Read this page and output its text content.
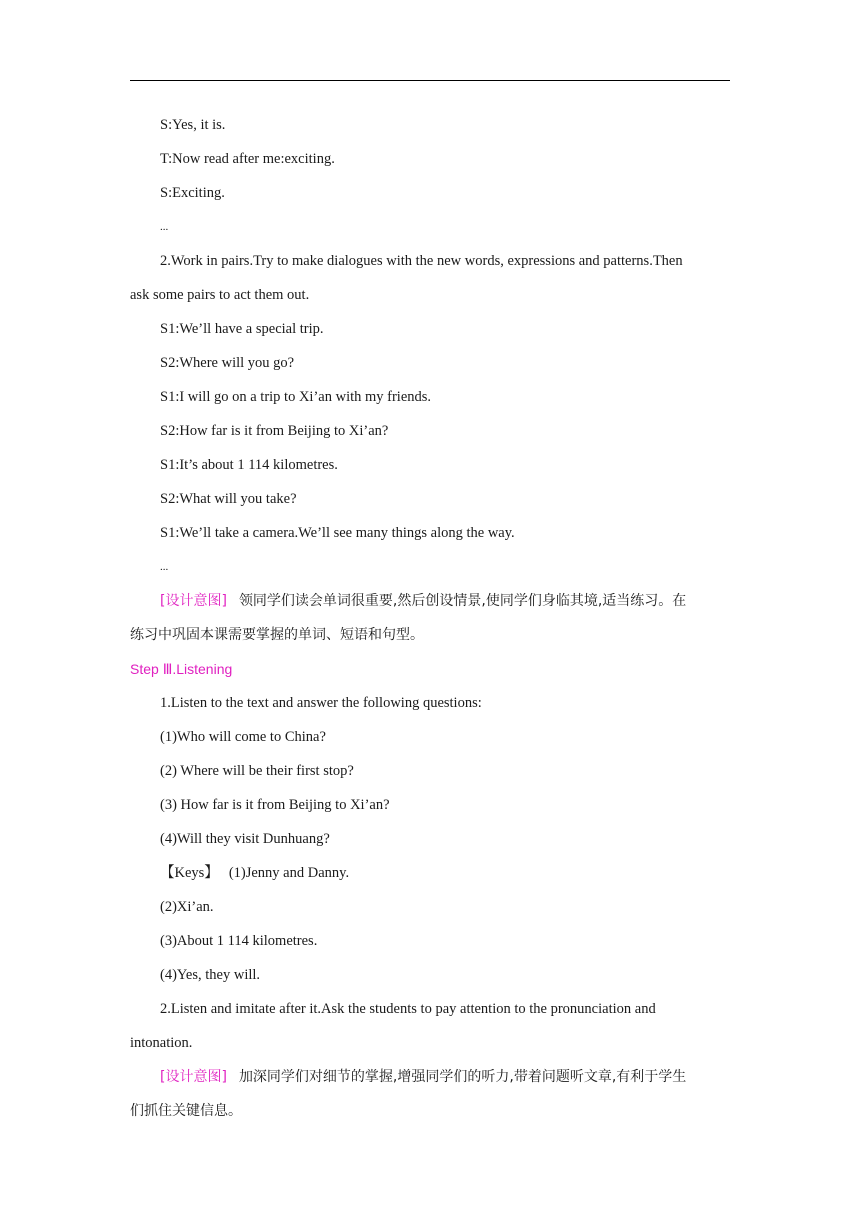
S:Yes, it is.
T:Now read after me:exciting.
S:Exciting.
...
2.Work in pairs.Try to make dialogues with the new words, expressions and patterns.Then
ask some pairs to act them out.
S1:We’ll have a special trip.
S2:Where will you go?
S1:I will go on a trip to Xi’an with my friends.
S2:How far is it from Beijing to Xi’an?
S1:It’s about 1 114 kilometres.
S2:What will you take?
S1:We’ll take a camera.We’ll see many things along the way.
...
[设计意图] 领同学们读会单词很重要,然后创设情景,使同学们身临其境,适当练习。在
练习中巩固本课需要掌握的单词、短语和句型。
Step Ⅲ.Listening
1.Listen to the text and answer the following questions:
(1)Who will come to China?
(2) Where will be their first stop?
(3) How far is it from Beijing to Xi’an?
(4)Will they visit Dunhuang?
【Keys】 (1)Jenny and Danny.
(2)Xi’an.
(3)About 1 114 kilometres.
(4)Yes, they will.
2.Listen and imitate after it.Ask the students to pay attention to the pronunciation and
intonation.
[设计意图] 加深同学们对细节的掌握,增强同学们的听力,带着问题听文章,有利于学生
们抓住关键信息。
